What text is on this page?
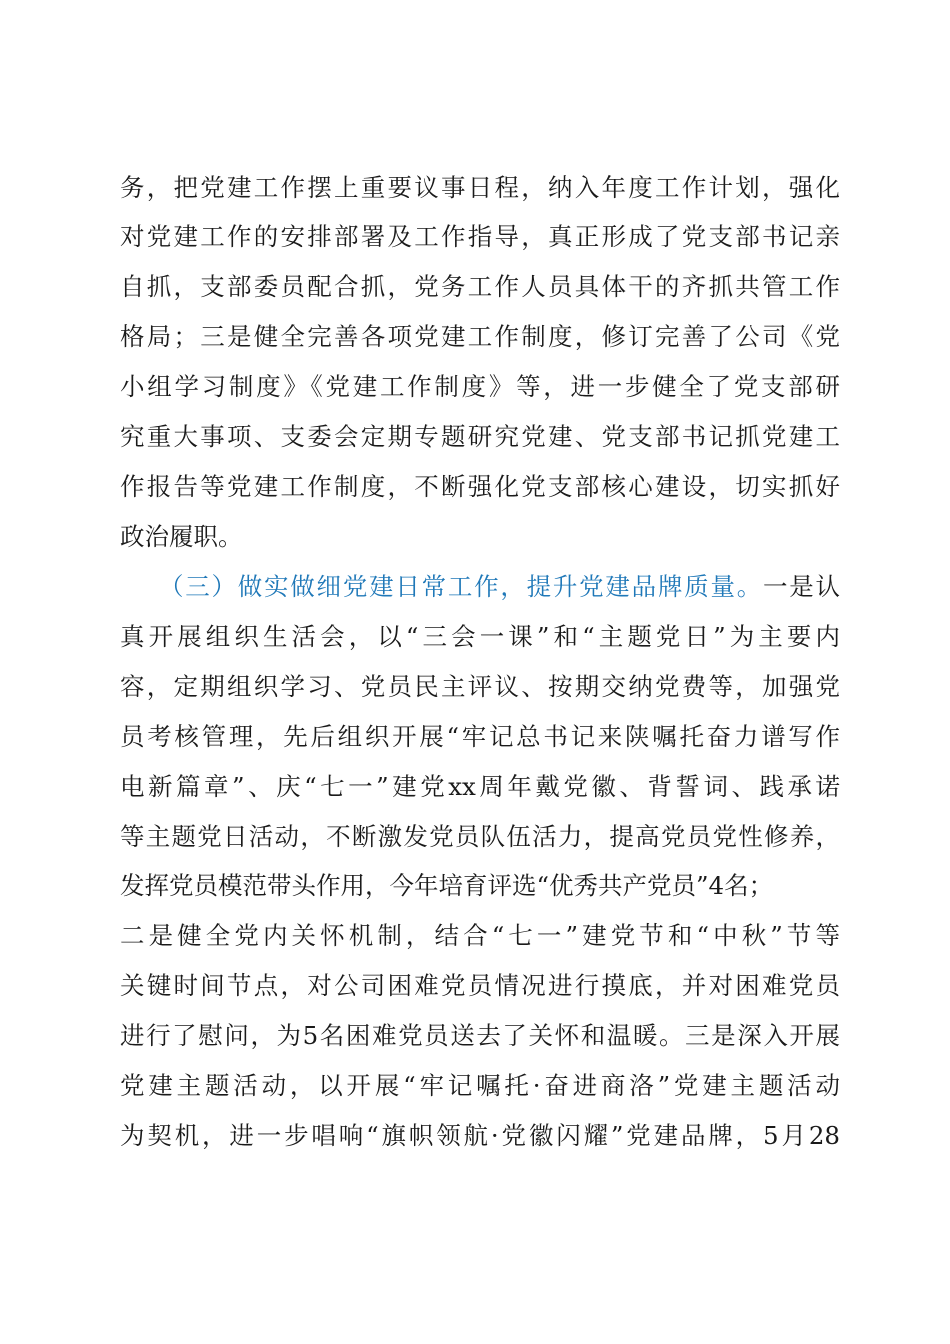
务，把党建工作摆上重要议事日程，纳入年度工作计划，强化
对党建工作的安排部署及工作指导，真正形成了党支部书记亲
自抓，支部委员配合抓，党务工作人员具体干的齐抓共管工作
格局；三是健全完善各项党建工作制度，修订完善了公司《党
小组学习制度》《党建工作制度》等，进一步健全了党支部研
究重大事项、支委会定期专题研究党建、党支部书记抓党建工
作报告等党建工作制度，不断强化党支部核心建设，切实抓好
政治履职。
（三）做实做细党建日常工作，提升党建品牌质量。一是认
真开展组织生活会，以“三会一课”和“主题党日”为主要内
容，定期组织学习、党员民主评议、按期交纳党费等，加强党
员考核管理，先后组织开展“牢记总书记来陕嘱托奋力谱写作
电新篇章”、庆“七一”建党xx周年戴党徽、背誓词、践承诺
等主题党日活动，不断激发党员队伍活力，提高党员党性修养，
发挥党员模范带头作用，今年培育评选“优秀共产党员”4名；
二是健全党内关怀机制，结合“七一”建党节和“中秋”节等
关键时间节点，对公司困难党员情况进行摸底，并对困难党员
进行了慰问，为5名困难党员送去了关怀和温暖。三是深入开展
党建主题活动，以开展“牢记嘱托·奋进商洛”党建主题活动
为契机，进一步唱响“旗帜领航·党徽闪耀”党建品牌，5月28
